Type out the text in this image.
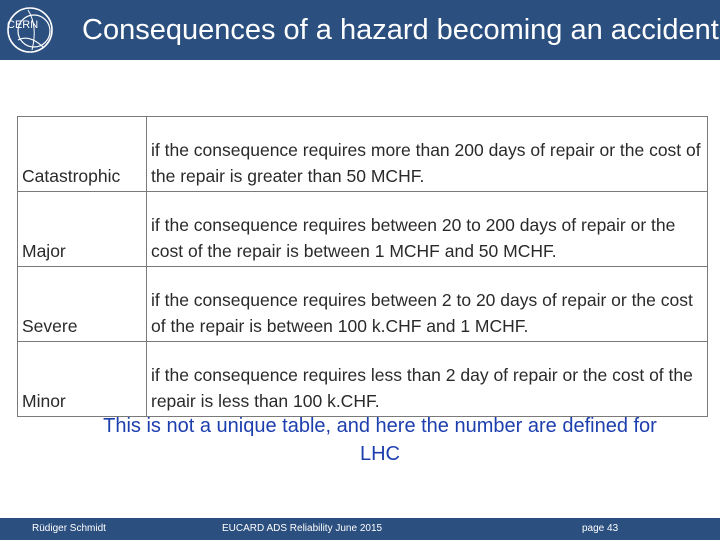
CERN Consequences of a hazard becoming an accident
Catastrophic	if the consequence requires more than 200 days of repair or the cost of the repair is greater than 50 MCHF.
Major	if the consequence requires between 20 to 200 days of repair or the cost of the repair is between 1 MCHF and 50 MCHF.
Severe	if the consequence requires between 2 to 20 days of repair or the cost of the repair is between 100 k.CHF and 1 MCHF.
Minor	if the consequence requires less than 2 day of repair or the cost of the repair is less than 100 k.CHF.
This is not a unique table, and here the number are defined for LHC
Rüdiger Schmidt	EUCARD ADS Reliability June 2015	page 43
